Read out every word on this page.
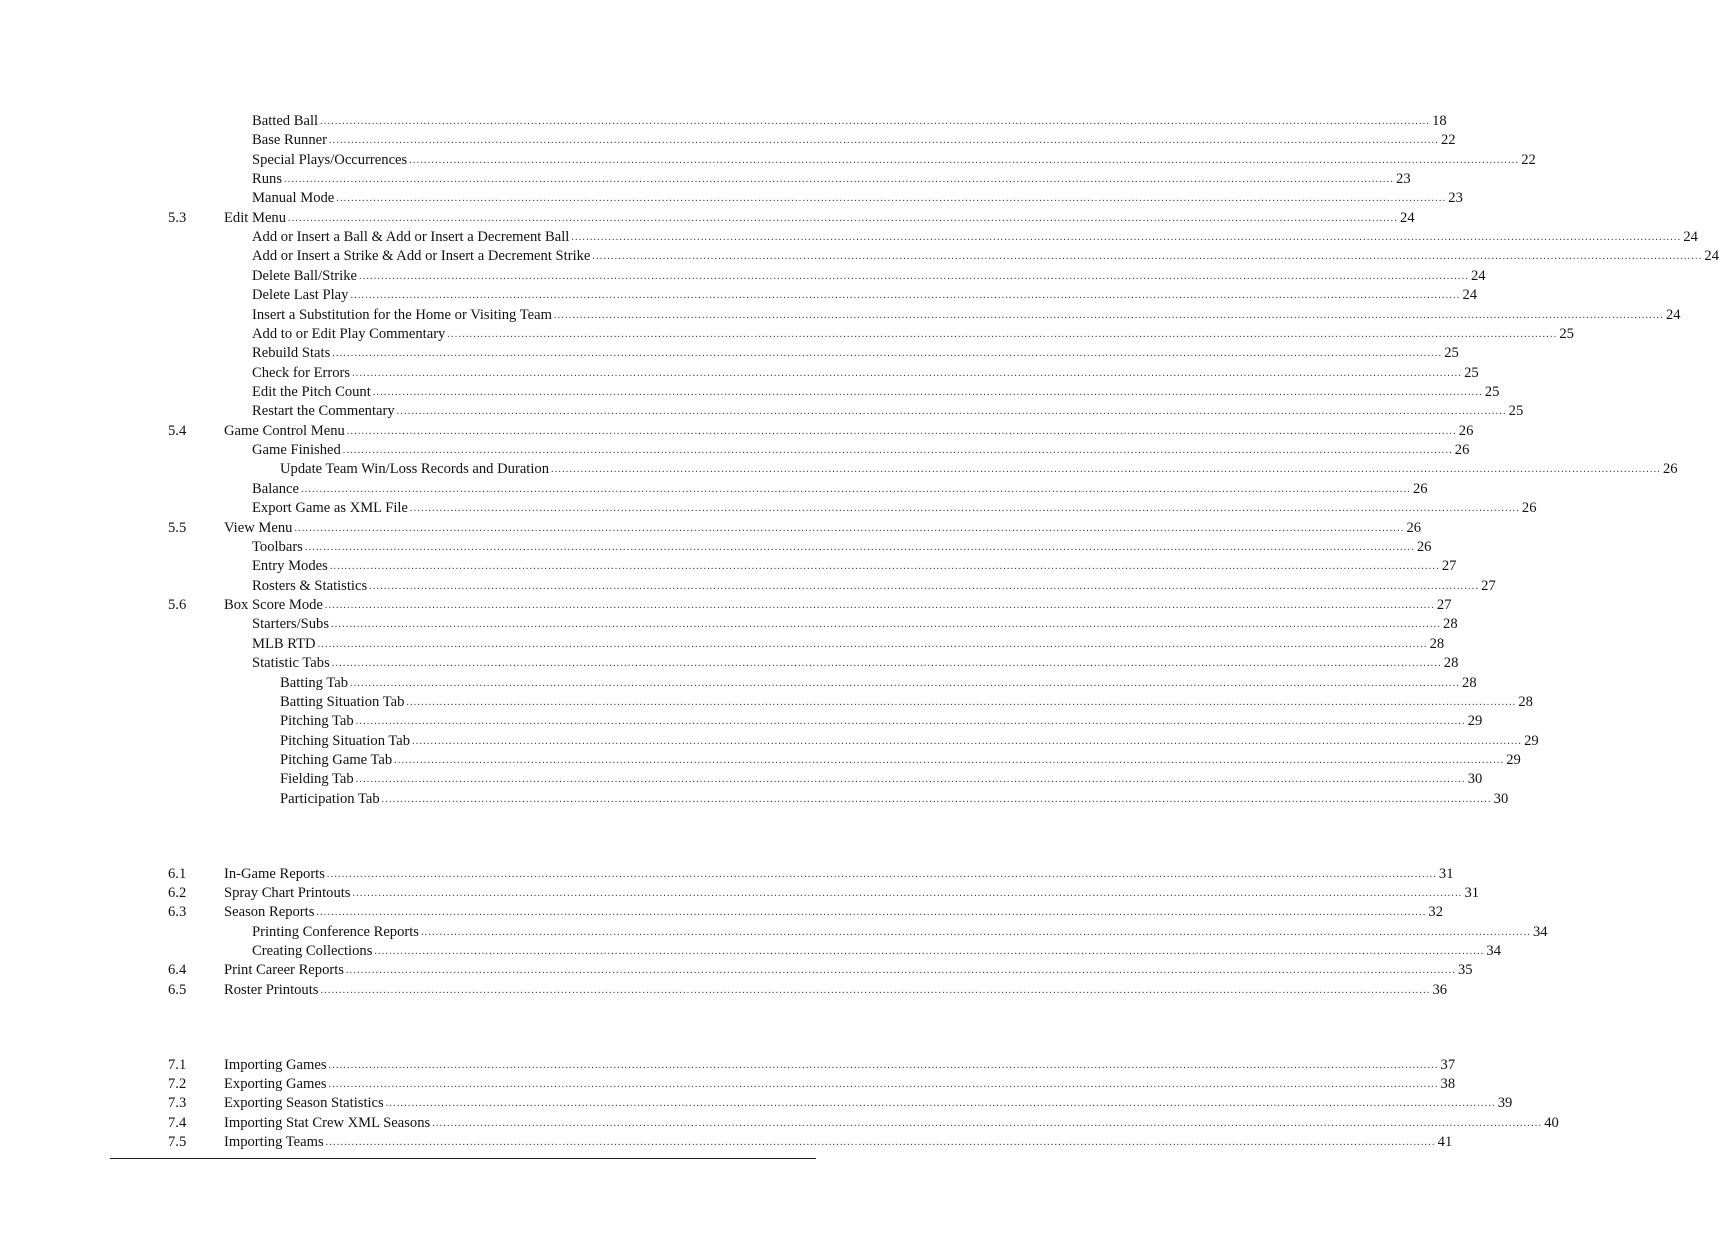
Batted Ball ............................................................................................................................................................................................................................................................................................................ 18
Base Runner ............................................................................................................................................................................................................................................................................................................ 22
Special Plays/Occurrences ............................................................................................................................................................................................................................................................................................................ 22
Runs ............................................................................................................................................................................................................................................................................................................ 23
Manual Mode ............................................................................................................................................................................................................................................................................................................ 23
5.3	Edit Menu ............................................................................................................................................................................................................................................................................................................ 24
Add or Insert a Ball & Add or Insert a Decrement Ball ............................................................................................................................................................................................................................................................................................................ 24
Add or Insert a Strike & Add or Insert a Decrement Strike ............................................................................................................................................................................................................................................................................................................ 24
Delete Ball/Strike ............................................................................................................................................................................................................................................................................................................ 24
Delete Last Play ............................................................................................................................................................................................................................................................................................................ 24
Insert a Substitution for the Home or Visiting Team ............................................................................................................................................................................................................................................................................................................ 24
Add to or Edit Play Commentary ............................................................................................................................................................................................................................................................................................................ 25
Rebuild Stats ............................................................................................................................................................................................................................................................................................................ 25
Check for Errors ............................................................................................................................................................................................................................................................................................................ 25
Edit the Pitch Count ............................................................................................................................................................................................................................................................................................................ 25
Restart the Commentary ............................................................................................................................................................................................................................................................................................................ 25
5.4	Game Control Menu ............................................................................................................................................................................................................................................................................................................ 26
Game Finished ............................................................................................................................................................................................................................................................................................................ 26
Update Team Win/Loss Records and Duration ............................................................................................................................................................................................................................................................................................................ 26
Balance ............................................................................................................................................................................................................................................................................................................ 26
Export Game as XML File ............................................................................................................................................................................................................................................................................................................ 26
5.5	View Menu ............................................................................................................................................................................................................................................................................................................ 26
Toolbars ............................................................................................................................................................................................................................................................................................................ 26
Entry Modes ............................................................................................................................................................................................................................................................................................................ 27
Rosters & Statistics ............................................................................................................................................................................................................................................................................................................ 27
5.6	Box Score Mode ............................................................................................................................................................................................................................................................................................................ 27
Starters/Subs ............................................................................................................................................................................................................................................................................................................ 28
MLB RTD ............................................................................................................................................................................................................................................................................................................ 28
Statistic Tabs ............................................................................................................................................................................................................................................................................................................ 28
Batting Tab ............................................................................................................................................................................................................................................................................................................ 28
Batting Situation Tab ............................................................................................................................................................................................................................................................................................................ 28
Pitching Tab ............................................................................................................................................................................................................................................................................................................ 29
Pitching Situation Tab ............................................................................................................................................................................................................................................................................................................ 29
Pitching Game Tab ............................................................................................................................................................................................................................................................................................................ 29
Fielding Tab ............................................................................................................................................................................................................................................................................................................ 30
Participation Tab ............................................................................................................................................................................................................................................................................................................ 30
6.1	In-Game Reports ............................................................................................................................................................................................................................................................................................................ 31
6.2	Spray Chart Printouts ............................................................................................................................................................................................................................................................................................................ 31
6.3	Season Reports ............................................................................................................................................................................................................................................................................................................ 32
Printing Conference Reports ............................................................................................................................................................................................................................................................................................................ 34
Creating Collections ............................................................................................................................................................................................................................................................................................................ 34
6.4	Print Career Reports ............................................................................................................................................................................................................................................................................................................ 35
6.5	Roster Printouts ............................................................................................................................................................................................................................................................................................................ 36
7.1	Importing Games ............................................................................................................................................................................................................................................................................................................ 37
7.2	Exporting Games ............................................................................................................................................................................................................................................................................................................ 38
7.3	Exporting Season Statistics ............................................................................................................................................................................................................................................................................................................ 39
7.4	Importing Stat Crew XML Seasons ............................................................................................................................................................................................................................................................................................................ 40
7.5	Importing Teams ............................................................................................................................................................................................................................................................................................................ 41
